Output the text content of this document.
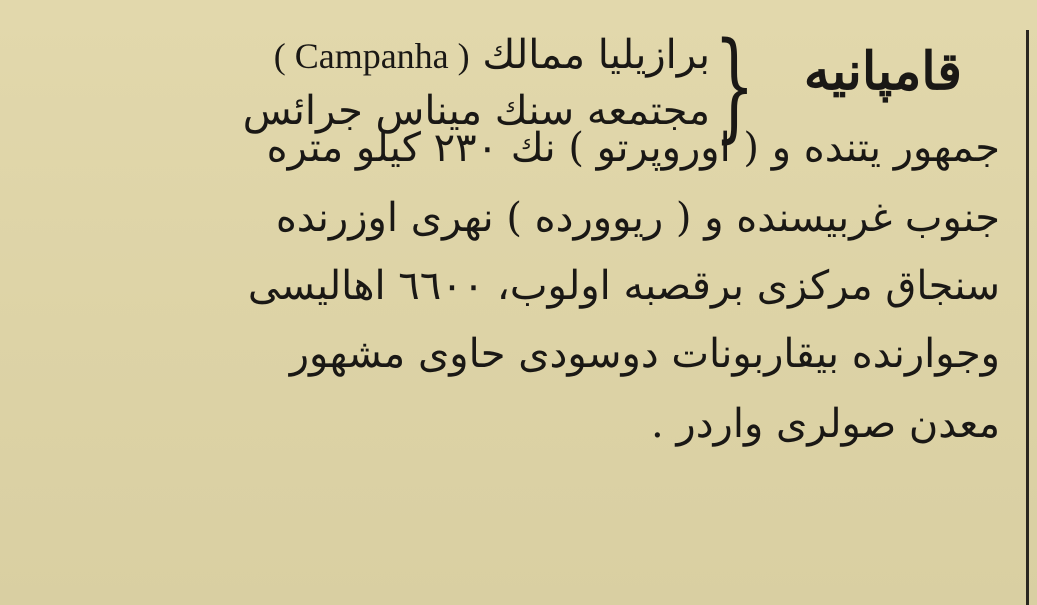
قامپانيه
{
برازيليا ممالك ( Campanha )
مجتمعه سنك ميناس جرائس
جمهور يتنده و ( اوروپرتو ) نك ٢٣٠ كيلو متره
جنوب غربيسنده و ( ريووردە ) نهرى اوزرنده
سنجاق مركزى برقصبه اولوب، ٦٦٠٠ اهاليسى
وجوارنده بيقاربونات دوسودى حاوى مشهور
معدن صولرى واردر .
